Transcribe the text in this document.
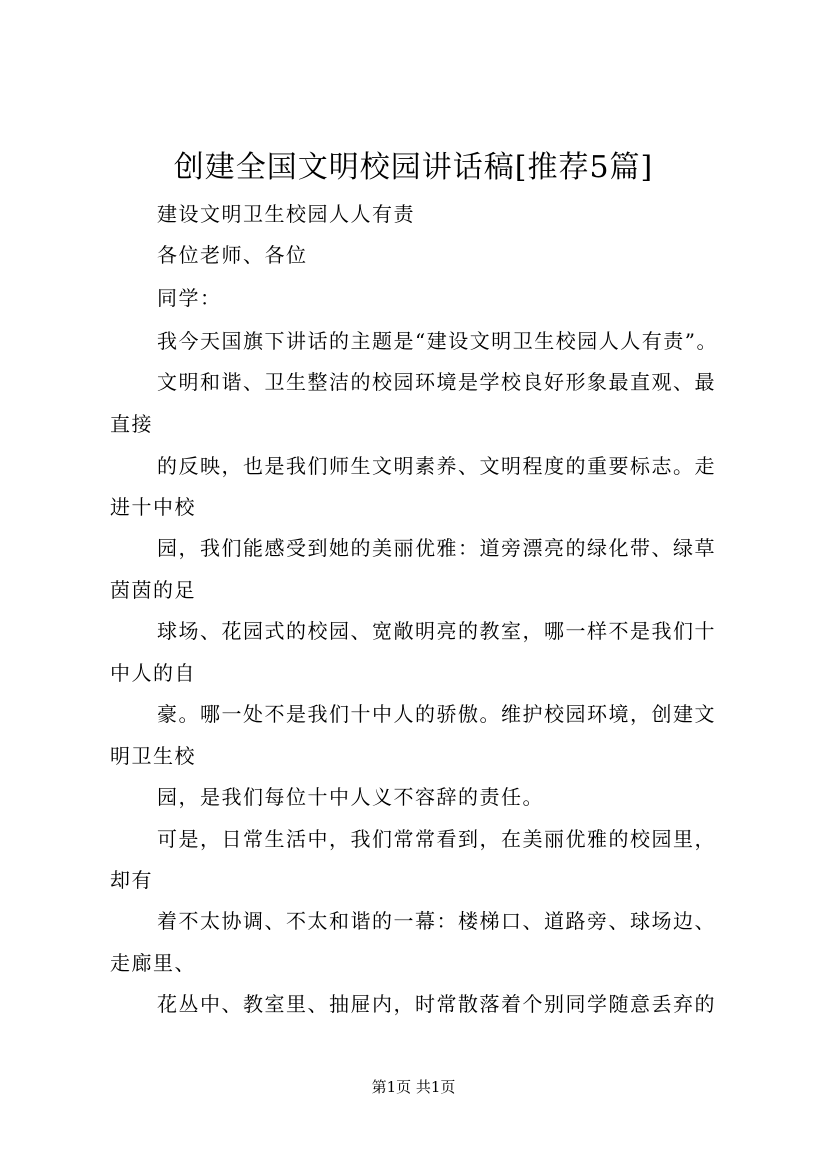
创建全国文明校园讲话稿[推荐5篇]
建设文明卫生校园人人有责
各位老师、各位
同学：
我今天国旗下讲话的主题是“建设文明卫生校园人人有责”。
文明和谐、卫生整洁的校园环境是学校良好形象最直观、最
直接
的反映，也是我们师生文明素养、文明程度的重要标志。走
进十中校
园，我们能感受到她的美丽优雅：道旁漂亮的绿化带、绿草
茵茵的足
球场、花园式的校园、宽敞明亮的教室，哪一样不是我们十
中人的自
豪。哪一处不是我们十中人的骄傲。维护校园环境，创建文
明卫生校
园，是我们每位十中人义不容辞的责任。
可是，日常生活中，我们常常看到，在美丽优雅的校园里，
却有
着不太协调、不太和谐的一幕：楼梯口、道路旁、球场边、
走廊里、
花丛中、教室里、抽屉内，时常散落着个别同学随意丢弃的
第1页 共1页
